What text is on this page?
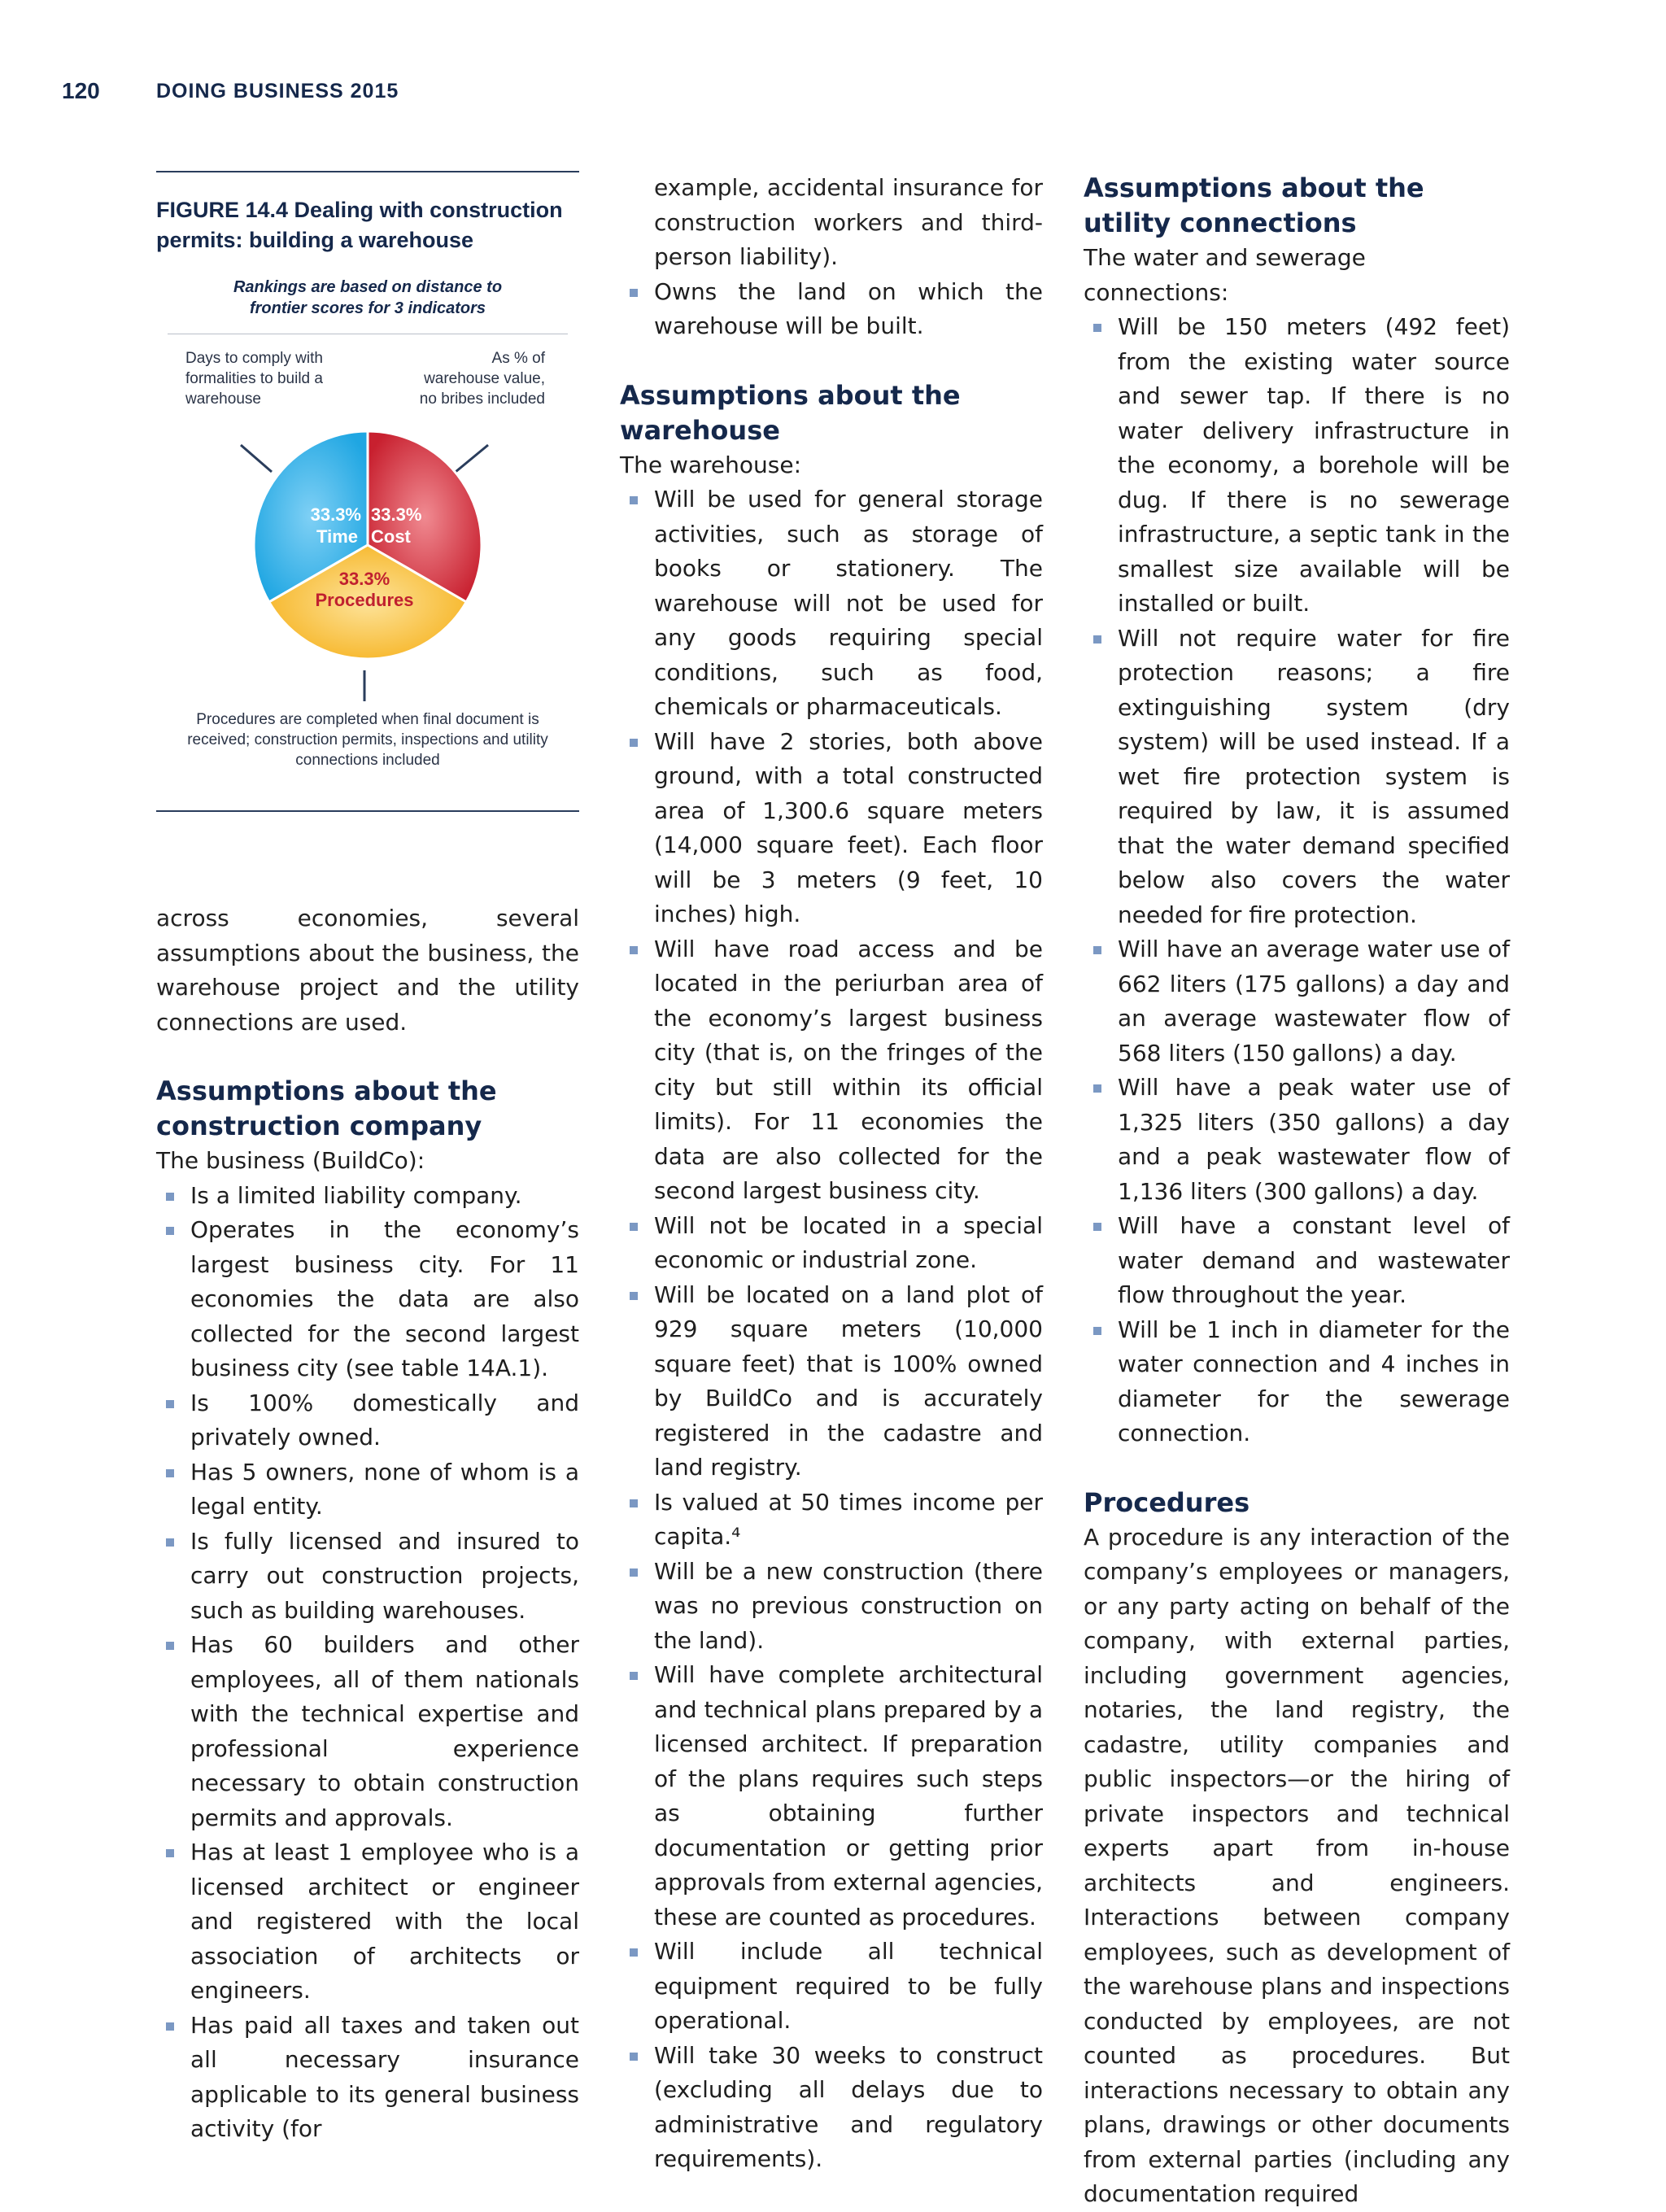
120	DOING BUSINESS 2015
FIGURE 14.4 Dealing with construction permits: building a warehouse
Rankings are based on distance to frontier scores for 3 indicators
Days to comply with formalities to build a warehouse
As % of warehouse value, no bribes included
33.3%
Time
33.3%
Cost
33.3%
Procedures
Procedures are completed when final document is received; construction permits, inspections and utility connections included

across economies, several assumptions about the business, the warehouse project and the utility connections are used.

Assumptions about the construction company

The business (BuildCo):

Is a limited liability company.
Operates in the economy’s largest business city. For 11 economies the data are also collected for the second largest business city (see table 14A.1).
Is 100% domestically and privately owned.
Has 5 owners, none of whom is a legal entity.
Is fully licensed and insured to carry out construction projects, such as building warehouses.
Has 60 builders and other employees, all of them nationals with the technical expertise and professional experience necessary to obtain construction permits and approvals.
Has at least 1 employee who is a licensed architect or engineer and registered with the local association of architects or engineers.
Has paid all taxes and taken out all necessary insurance applicable to its general business activity (for

example, accidental insurance for construction workers and third-person liability).

Owns the land on which the warehouse will be built.
Assumptions about the warehouse

The warehouse:

Will be used for general storage activities, such as storage of books or stationery. The warehouse will not be used for any goods requiring special conditions, such as food, chemicals or pharmaceuticals.
Will have 2 stories, both above ground, with a total constructed area of 1,300.6 square meters (14,000 square feet). Each floor will be 3 meters (9 feet, 10 inches) high.
Will have road access and be located in the periurban area of the economy’s largest business city (that is, on the fringes of the city but still within its official limits). For 11 economies the data are also collected for the second largest business city.
Will not be located in a special economic or industrial zone.
Will be located on a land plot of 929 square meters (10,000 square feet) that is 100% owned by BuildCo and is accurately registered in the cadastre and land registry.
Is valued at 50 times income per capita.⁴
Will be a new construction (there was no previous construction on the land).
Will have complete architectural and technical plans prepared by a licensed architect. If preparation of the plans requires such steps as obtaining further documentation or getting prior approvals from external agencies, these are counted as procedures.
Will include all technical equipment required to be fully operational.
Will take 30 weeks to construct (excluding all delays due to administrative and regulatory requirements).
Assumptions about the utility connections

The water and sewerage connections:

Will be 150 meters (492 feet) from the existing water source and sewer tap. If there is no water delivery infrastructure in the economy, a borehole will be dug. If there is no sewerage infrastructure, a septic tank in the smallest size available will be installed or built.
Will not require water for fire protection reasons; a fire extinguishing system (dry system) will be used instead. If a wet fire protection system is required by law, it is assumed that the water demand specified below also covers the water needed for fire protection.
Will have an average water use of 662 liters (175 gallons) a day and an average wastewater flow of 568 liters (150 gallons) a day.
Will have a peak water use of 1,325 liters (350 gallons) a day and a peak wastewater flow of 1,136 liters (300 gallons) a day.
Will have a constant level of water demand and wastewater flow throughout the year.
Will be 1 inch in diameter for the water connection and 4 inches in diameter for the sewerage connection.
Procedures

A procedure is any interaction of the company’s employees or managers, or any party acting on behalf of the company, with external parties, including government agencies, notaries, the land registry, the cadastre, utility companies and public inspectors—or the hiring of private inspectors and technical experts apart from in-house architects and engineers. Interactions between company employees, such as development of the warehouse plans and inspections conducted by employees, are not counted as procedures. But interactions necessary to obtain any plans, drawings or other documents from external parties (including any documentation required
